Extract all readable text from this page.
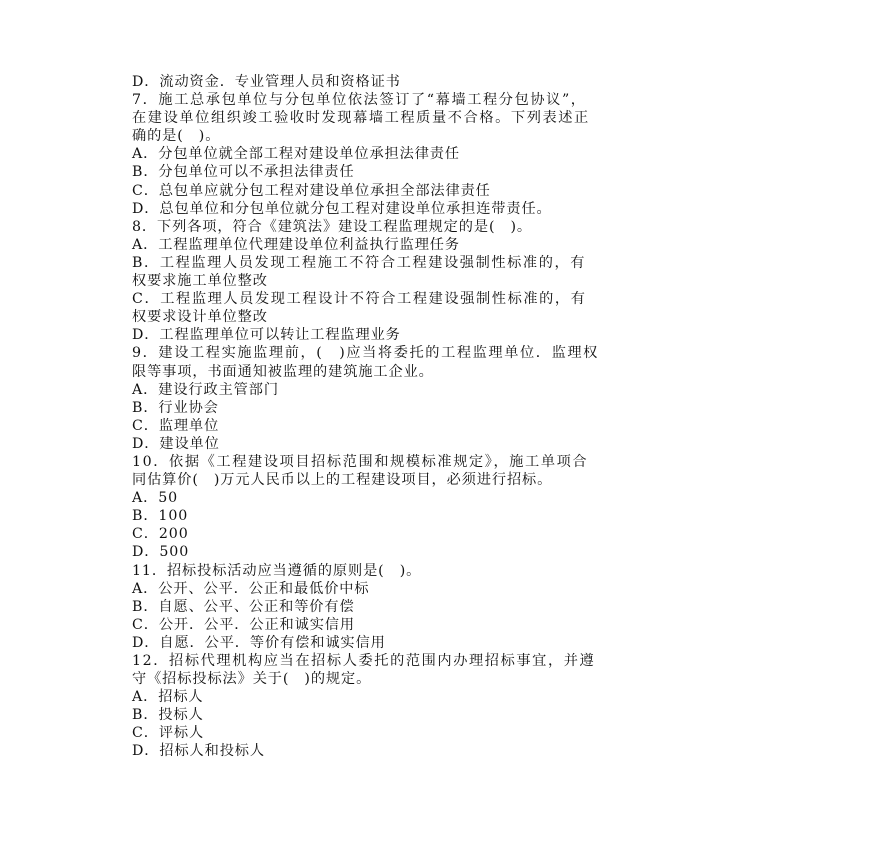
D．流动资金．专业管理人员和资格证书
7．施工总承包单位与分包单位依法签订了“幕墙工程分包协议”，
在建设单位组织竣工验收时发现幕墙工程质量不合格。下列表述正
确的是(　)。
A．分包单位就全部工程对建设单位承担法律责任
B．分包单位可以不承担法律责任
C．总包单应就分包工程对建设单位承担全部法律责任
D．总包单位和分包单位就分包工程对建设单位承担连带责任。
8．下列各项，符合《建筑法》建设工程监理规定的是(　)。
A．工程监理单位代理建设单位利益执行监理任务
B．工程监理人员发现工程施工不符合工程建设强制性标准的，有
权要求施工单位整改
C．工程监理人员发现工程设计不符合工程建设强制性标准的，有
权要求设计单位整改
D．工程监理单位可以转让工程监理业务
9．建设工程实施监理前，(　)应当将委托的工程监理单位．监理权
限等事项，书面通知被监理的建筑施工企业。
A．建设行政主管部门
B．行业协会
C．监理单位
D．建设单位
10．依据《工程建设项目招标范围和规模标准规定》，施工单项合
同估算价(　)万元人民币以上的工程建设项目，必须进行招标。
A．50
B．100
C．200
D．500
11．招标投标活动应当遵循的原则是(　)。
A．公开、公平．公正和最低价中标
B．自愿、公平、公正和等价有偿
C．公开．公平．公正和诚实信用
D．自愿．公平．等价有偿和诚实信用
12．招标代理机构应当在招标人委托的范围内办理招标事宜，并遵
守《招标投标法》关于(　)的规定。
A．招标人
B．投标人
C．评标人
D．招标人和投标人
